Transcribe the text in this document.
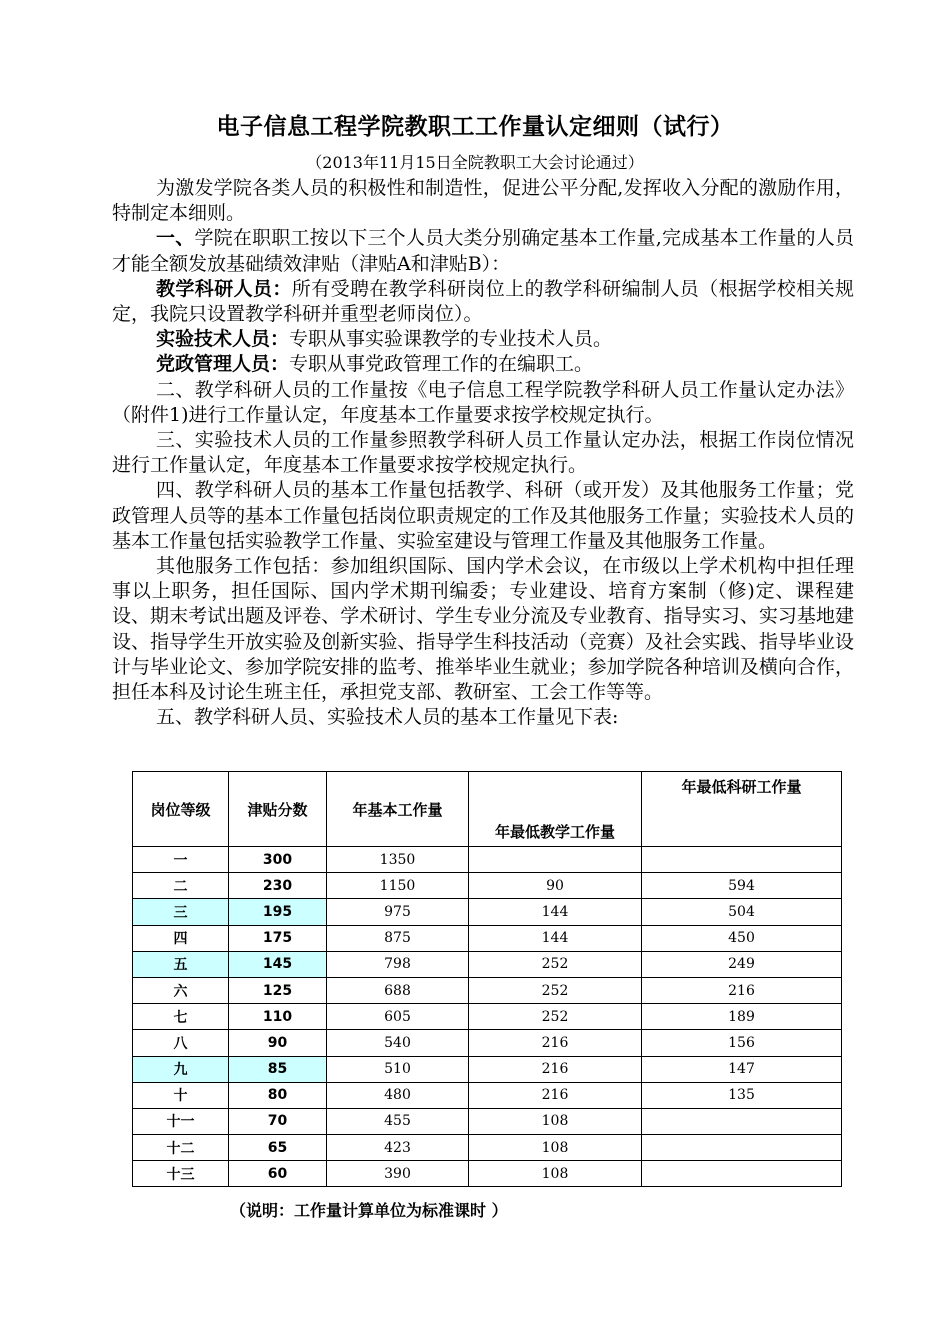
电子信息工程学院教职工工作量认定细则（试行）
（2013年11月15日全院教职工大会讨论通过）

为激发学院各类人员的积极性和制造性，促进公平分配,发挥收入分配的激励作用，特制定本细则。

一、学院在职职工按以下三个人员大类分别确定基本工作量,完成基本工作量的人员才能全额发放基础绩效津贴（津贴A和津贴B）：

教学科研人员：所有受聘在教学科研岗位上的教学科研编制人员（根据学校相关规定，我院只设置教学科研并重型老师岗位）。

实验技术人员：专职从事实验课教学的专业技术人员。

党政管理人员：专职从事党政管理工作的在编职工。

二、教学科研人员的工作量按《电子信息工程学院教学科研人员工作量认定办法》（附件1)进行工作量认定，年度基本工作量要求按学校规定执行。

三、实验技术人员的工作量参照教学科研人员工作量认定办法，根据工作岗位情况进行工作量认定，年度基本工作量要求按学校规定执行。

四、教学科研人员的基本工作量包括教学、科研（或开发）及其他服务工作量；党政管理人员等的基本工作量包括岗位职责规定的工作及其他服务工作量；实验技术人员的基本工作量包括实验教学工作量、实验室建设与管理工作量及其他服务工作量。

其他服务工作包括：参加组织国际、国内学术会议，在市级以上学术机构中担任理事以上职务，担任国际、国内学术期刊编委；专业建设、培育方案制（修)定、课程建设、期末考试出题及评卷、学术研讨、学生专业分流及专业教育、指导实习、实习基地建设、指导学生开放实验及创新实验、指导学生科技活动（竞赛）及社会实践、指导毕业设计与毕业论文、参加学院安排的监考、推举毕业生就业；参加学院各种培训及横向合作，担任本科及讨论生班主任，承担党支部、教研室、工会工作等等。

五、教学科研人员、实验技术人员的基本工作量见下表:

岗位等级	津贴分数	年基本工作量	年最低教学工作量	年最低科研工作量
一	300	1350		
二	230	1150	90	594
三	195	975	144	504
四	175	875	144	450
五	145	798	252	249
六	125	688	252	216
七	110	605	252	189
八	90	540	216	156
九	85	510	216	147
十	80	480	216	135
十一	70	455	108	
十二	65	423	108	
十三	60	390	108	
（说明：工作量计算单位为标准课时 ）
